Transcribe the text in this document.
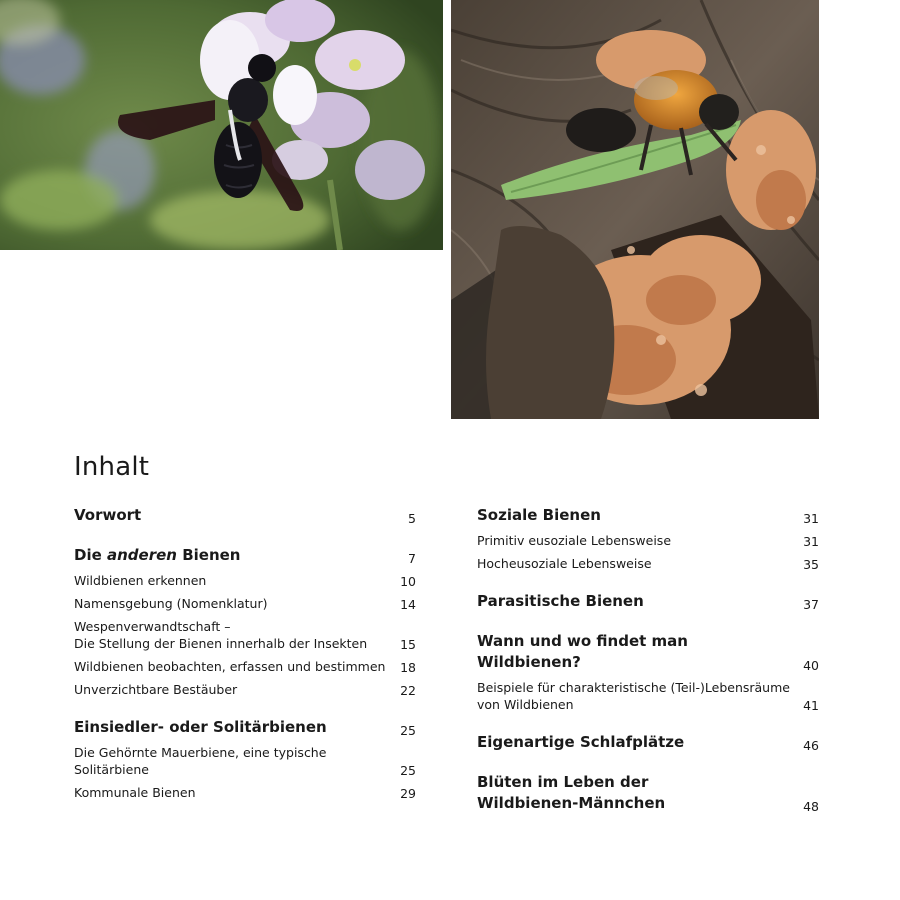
Inhalt
Vorwort	5
Die anderen Bienen	7
Wildbienen erkennen	10
Namensgebung (Nomenklatur)	14
Wespenverwandtschaft –
Die Stellung der Bienen innerhalb der Insekten	15
Wildbienen beobachten, erfassen und bestimmen	18
Unverzichtbare Bestäuber	22
Einsiedler- oder Solitärbienen	25
Die Gehörnte Mauerbiene, eine typische Solitärbiene	25
Kommunale Bienen	29
Soziale Bienen	31
Primitiv eusoziale Lebensweise	31
Hocheusoziale Lebensweise	35
Parasitische Bienen	37
Wann und wo findet man Wildbienen?	40
Beispiele für charakteristische (Teil-)Lebensräume
von Wildbienen	41
Eigenartige Schlafplätze	46
Blüten im Leben der
Wildbienen-Männchen	48
